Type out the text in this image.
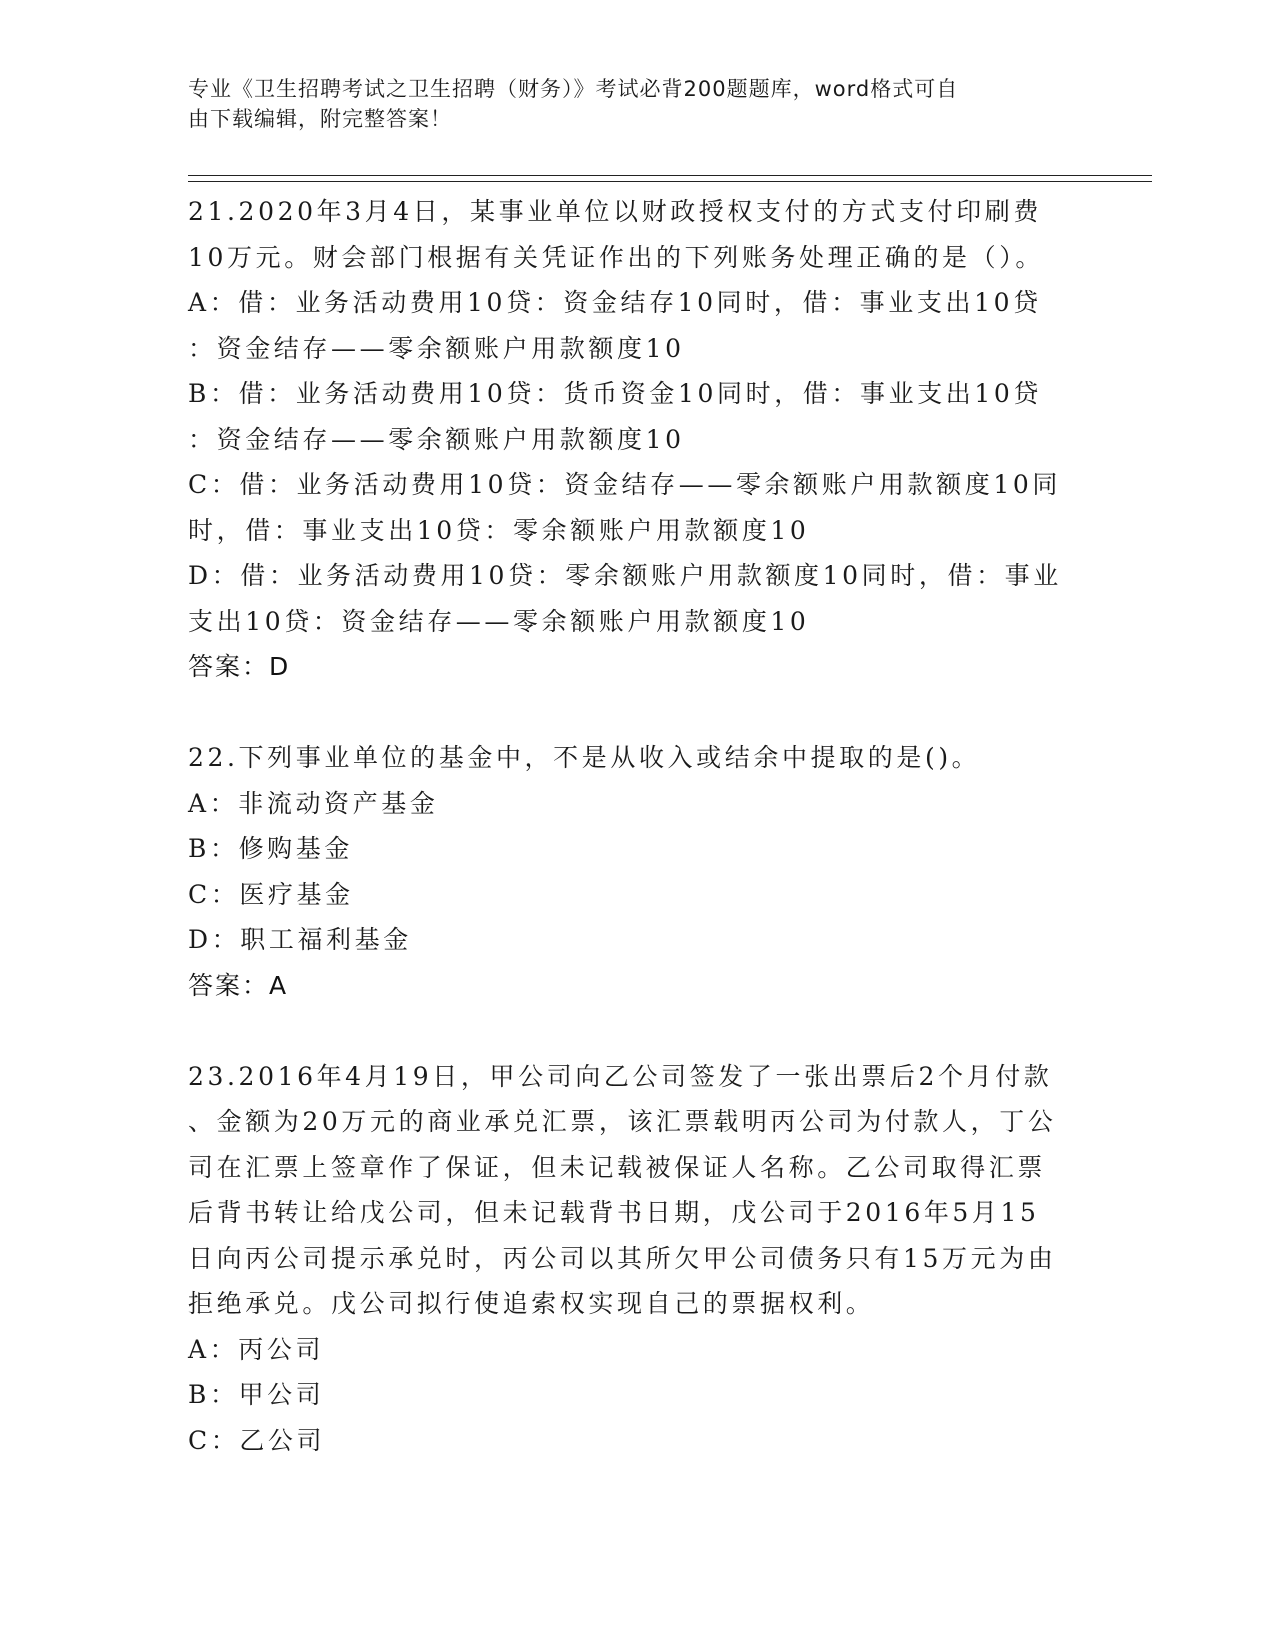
专业《卫生招聘考试之卫生招聘（财务）》考试必背200题题库，word格式可自
由下载编辑，附完整答案！
21.2020年3月4日，某事业单位以财政授权支付的方式支付印刷费
10万元。财会部门根据有关凭证作出的下列账务处理正确的是（）。
A：借：业务活动费用10贷：资金结存10同时，借：事业支出10贷
：资金结存——零余额账户用款额度10
B：借：业务活动费用10贷：货币资金10同时，借：事业支出10贷
：资金结存——零余额账户用款额度10
C：借：业务活动费用10贷：资金结存——零余额账户用款额度10同
时，借：事业支出10贷：零余额账户用款额度10
D：借：业务活动费用10贷：零余额账户用款额度10同时，借：事业
支出10贷：资金结存——零余额账户用款额度10
答案：D
22.下列事业单位的基金中，不是从收入或结余中提取的是()。
A：非流动资产基金
B：修购基金
C：医疗基金
D：职工福利基金
答案：A
23.2016年4月19日，甲公司向乙公司签发了一张出票后2个月付款
、金额为20万元的商业承兑汇票，该汇票载明丙公司为付款人，丁公
司在汇票上签章作了保证，但未记载被保证人名称。乙公司取得汇票
后背书转让给戊公司，但未记载背书日期，戊公司于2016年5月15
日向丙公司提示承兑时，丙公司以其所欠甲公司债务只有15万元为由
拒绝承兑。戊公司拟行使追索权实现自己的票据权利。
A：丙公司
B：甲公司
C：乙公司
